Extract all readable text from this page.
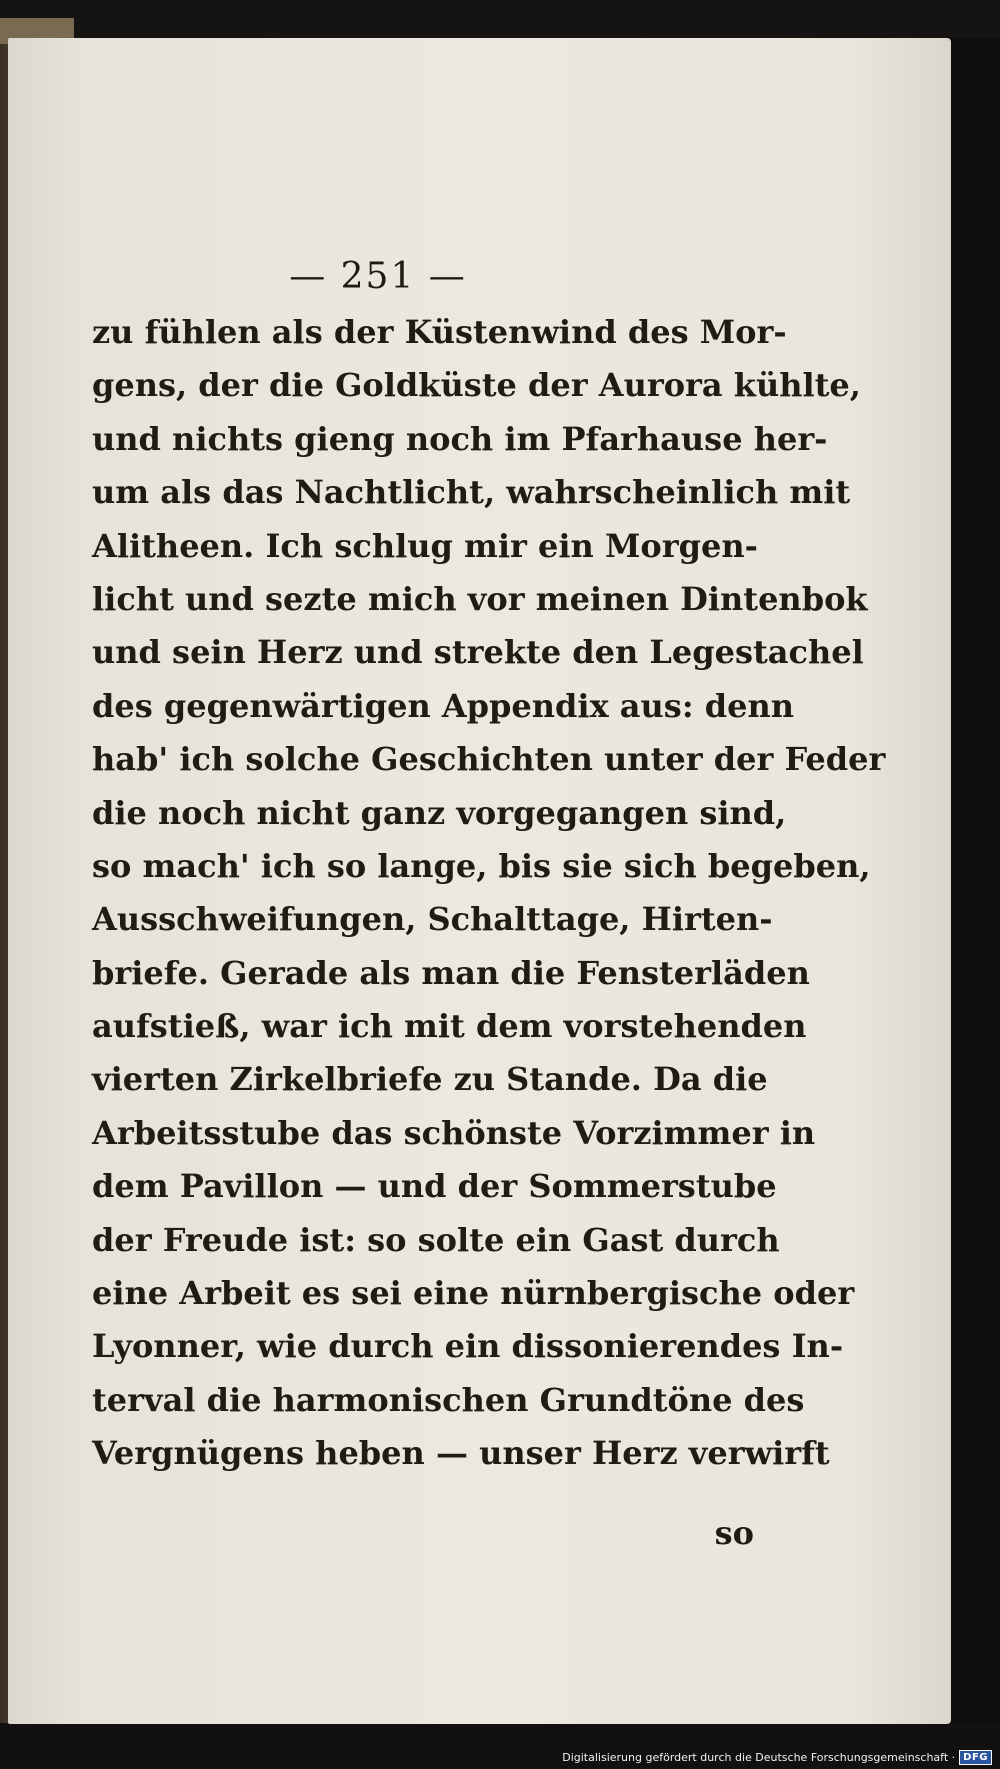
— 251 —
zu fühlen als der Küstenwind des Mor-
gens, der die Goldküste der Aurora kühlte,
und nichts gieng noch im Pfarhause her-
um als das Nachtlicht, wahrscheinlich mit
Alitheen. Ich schlug mir ein Morgen-
licht und sezte mich vor meinen Dintenbok
und sein Herz und strekte den Legestachel
des gegenwärtigen Appendix aus: denn
hab' ich solche Geschichten unter der Feder
die noch nicht ganz vorgegangen sind,
so mach' ich so lange, bis sie sich begeben,
Ausschweifungen, Schalttage, Hirten-
briefe. Gerade als man die Fensterläden
aufstieß, war ich mit dem vorstehenden
vierten Zirkelbriefe zu Stande. Da die
Arbeitsstube das schönste Vorzimmer in
dem Pavillon — und der Sommerstube
der Freude ist: so solte ein Gast durch
eine Arbeit es sei eine nürnbergische oder
Lyonner, wie durch ein dissonierendes In-
terval die harmonischen Grundtöne des
Vergnügens heben — unser Herz verwirft
so
Digitalisierung gefördert durch die Deutsche Forschungsgemeinschaft · DFG
